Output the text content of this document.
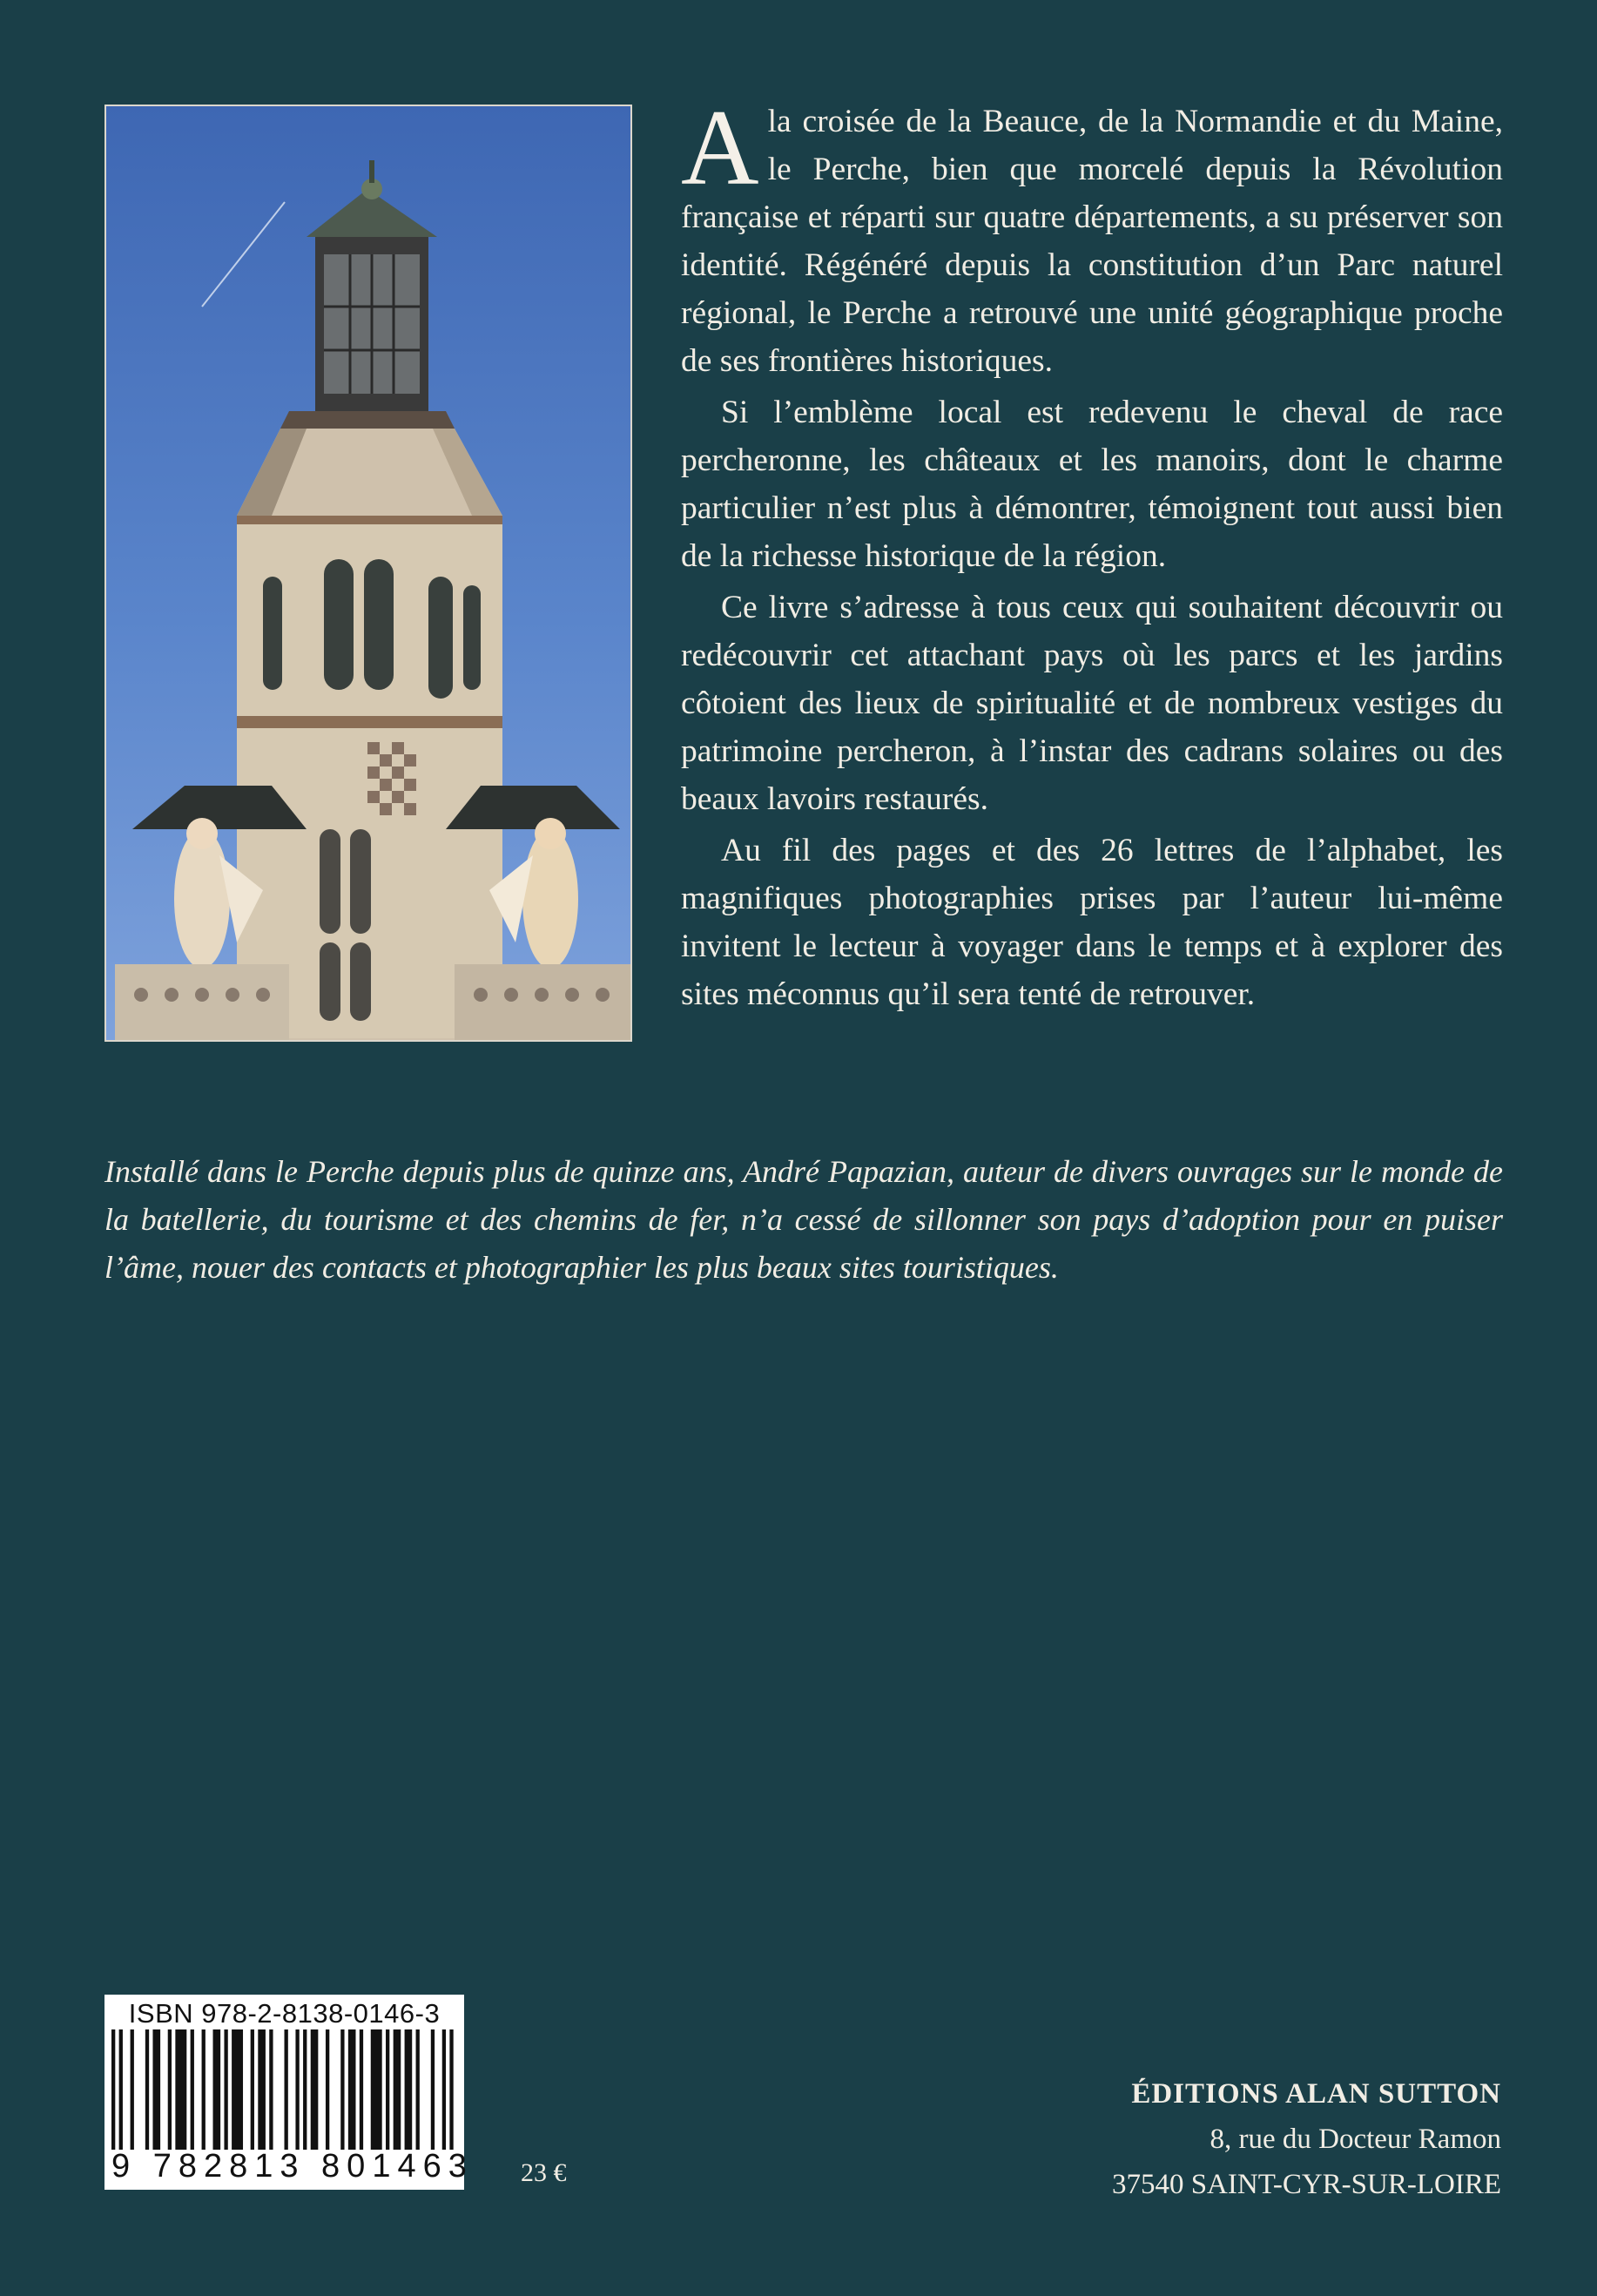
A la croisée de la Beauce, de la Normandie et du Maine, le Perche, bien que morcelé depuis la Révolution française et réparti sur quatre départements, a su préserver son identité. Régénéré depuis la constitution d’un Parc naturel régional, le Perche a retrouvé une unité géographique proche de ses frontières historiques.

Si l’emblème local est redevenu le cheval de race percheronne, les châteaux et les manoirs, dont le charme particulier n’est plus à démontrer, témoignent tout aussi bien de la richesse historique de la région.

Ce livre s’adresse à tous ceux qui souhaitent découvrir ou redécouvrir cet attachant pays où les parcs et les jardins côtoient des lieux de spiritualité et de nombreux vestiges du patrimoine percheron, à l’instar des cadrans solaires ou des beaux lavoirs restaurés.

Au fil des pages et des 26 lettres de l’alphabet, les magnifiques photographies prises par l’auteur lui-même invitent le lecteur à voyager dans le temps et à explorer des sites méconnus qu’il sera tenté de retrouver.

Installé dans le Perche depuis plus de quinze ans, André Papazian, auteur de divers ouvrages sur le monde de la batellerie, du tourisme et des chemins de fer, n’a cessé de sillonner son pays d’adoption pour en puiser l’âme, nouer des contacts et photographier les plus beaux sites touristiques.
ISBN 978-2-8138-0146-3
9 782813 801463 23 €
ÉDITIONS ALAN SUTTON
8, rue du Docteur Ramon
37540 SAINT-CYR-SUR-LOIRE
